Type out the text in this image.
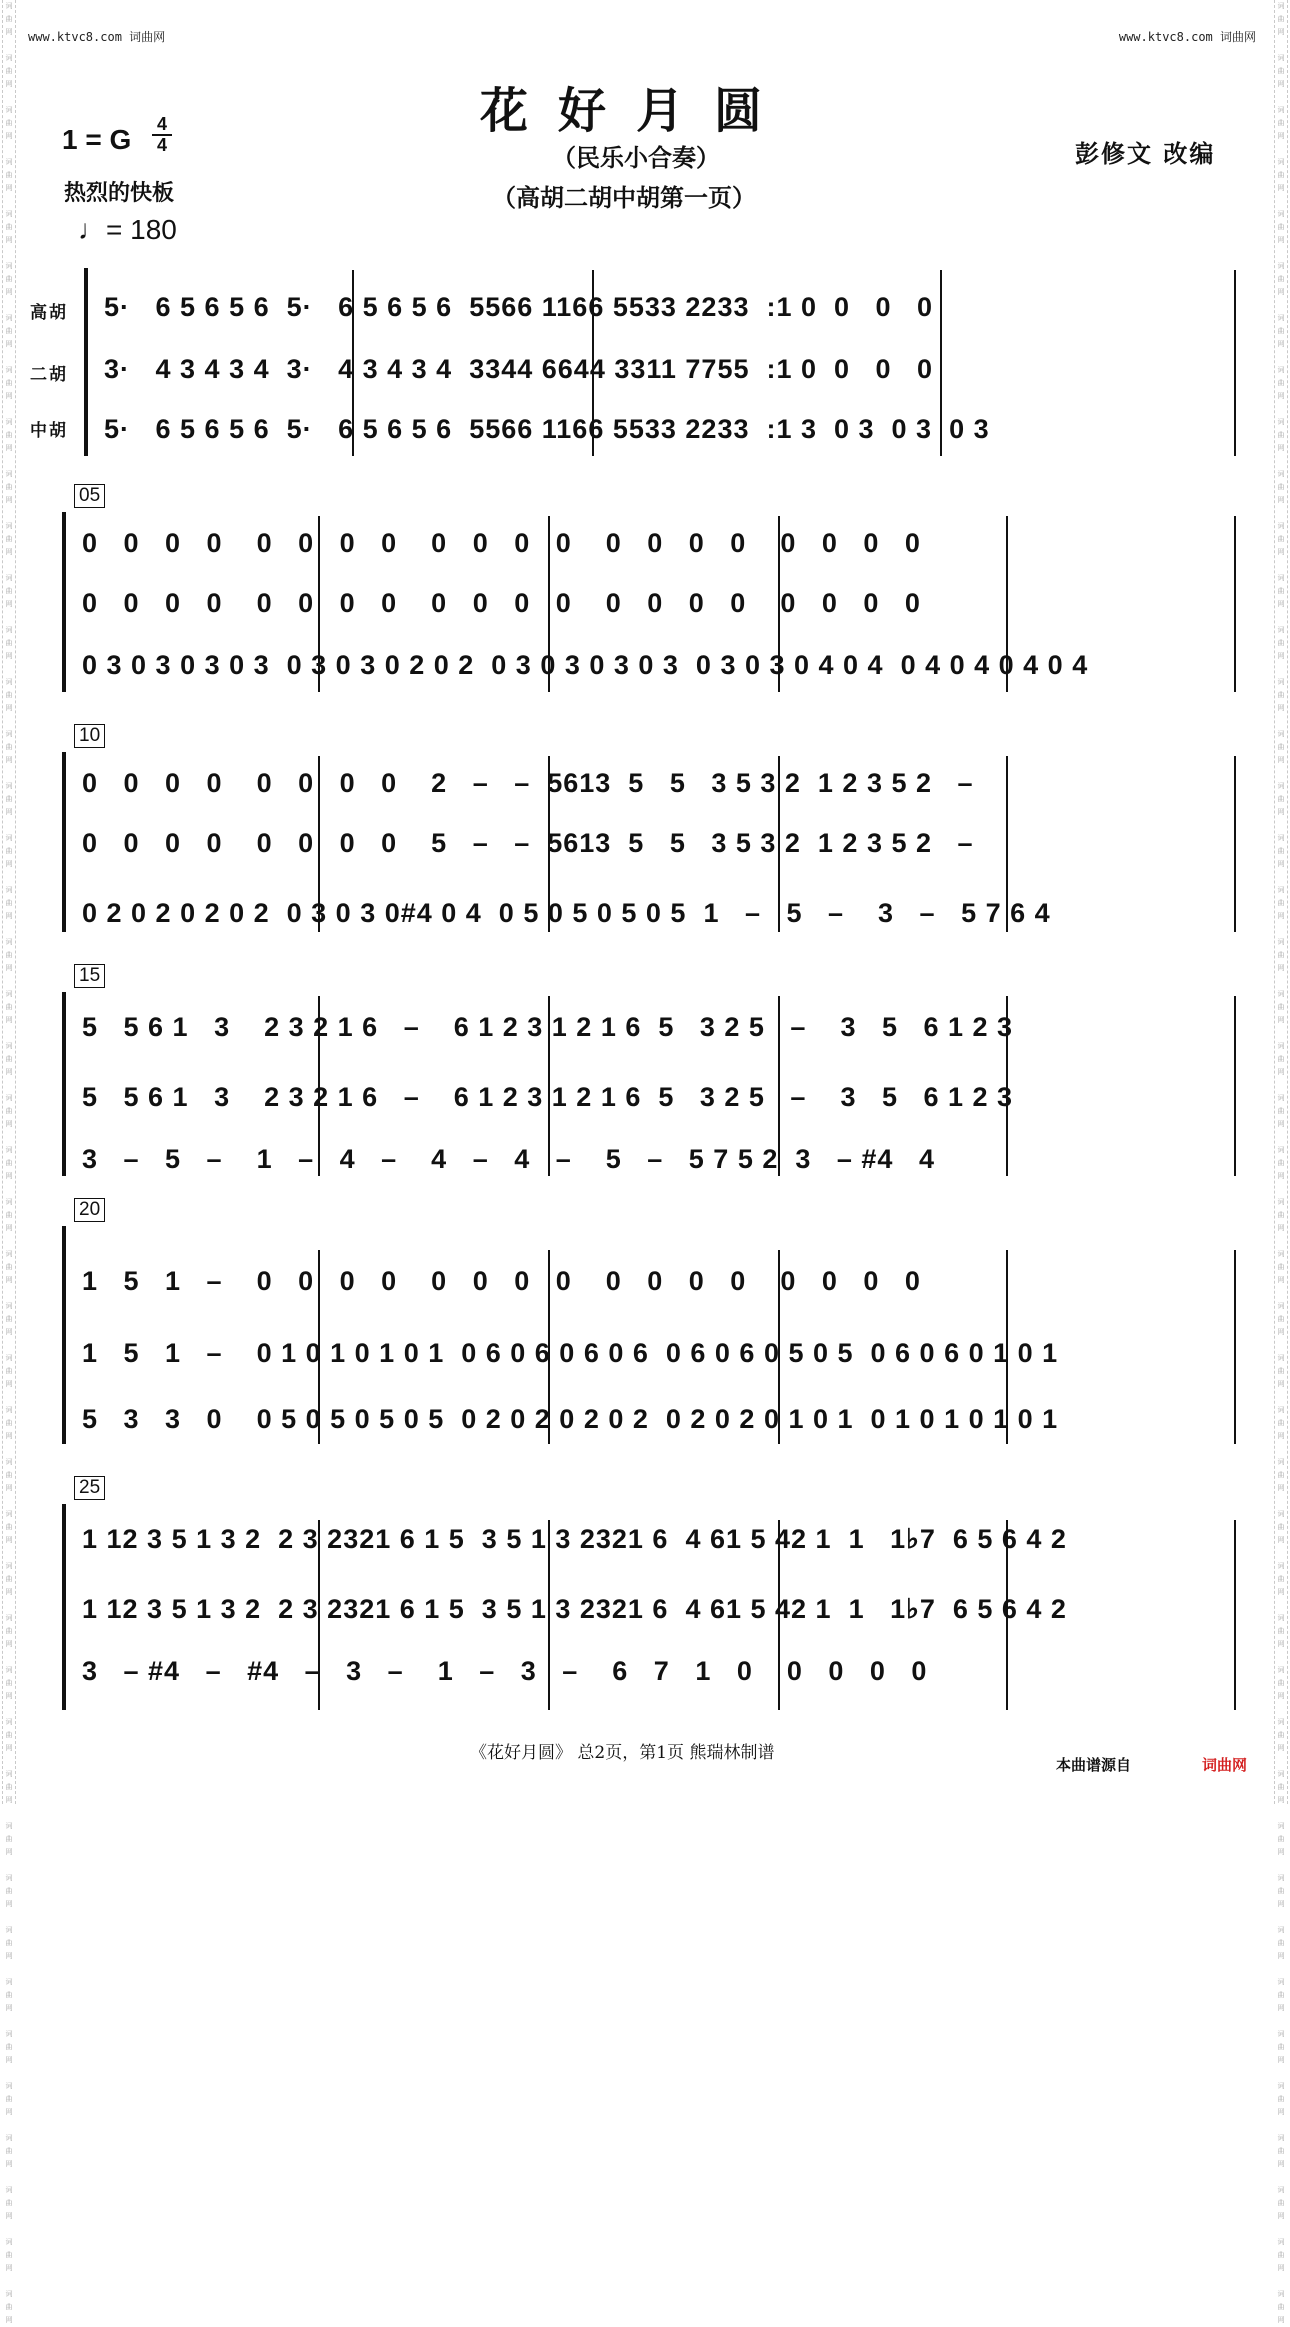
词
曲
网

词
曲
网

词
曲
网

词
曲
网

词
曲
网

词
曲
网

词
曲
网

词
曲
网

词
曲
网

词
曲
网

词
曲
网

词
曲
网

词
曲
网

词
曲
网

词
曲
网

词
曲
网

词
曲
网

词
曲
网

词
曲
网

词
曲
网

词
曲
网

词
曲
网

词
曲
网

词
曲
网

词
曲
网

词
曲
网

词
曲
网

词
曲
网

词
曲
网

词
曲
网

词
曲
网

词
曲
网

词
曲
网

词
曲
网

词
曲
网

词
曲
网

词
曲
网

词
曲
网

词
曲
网

词
曲
网

词
曲
网

词
曲
网

词
曲
网

词
曲
网

词
曲
网

词
曲
网

词
曲
网

词
曲
网

词
曲
网

词
曲
网

词
曲
网

词
曲
网

词
曲
网

词
曲
网

词
曲
网

词
曲
网

词
曲
网

词
曲
网

词
曲
网

词
曲
网

词
曲
网

词
曲
网

词
曲
网

词
曲
网

词
曲
网

词
曲
网

词
曲
网

词
曲
网

词
曲
网

词
曲
网

词
曲
网

词
曲
网

词
曲
网

词
曲
网

词
曲
网

词
曲
网

词
曲
网

词
曲
网

词
曲
网

词
曲
网

词
曲
网

词
曲
网

词
曲
网

词
曲
网

词
曲
网

词
曲
网

词
曲
网

词
曲
网

词
曲
网

词
曲
网

www.ktvc8.com 词曲网	www.ktvc8.com 词曲网
花好月圆
（民乐小合奏）
（高胡二胡中胡第一页）
1 = G $\frac{4}{4}$
热烈的快板
♩= 180
彭修文 改编
高胡
二胡
中胡
5·   6 5 6 5 6  5·   6 5 6 5 6  5566 1166 5533 2233  :1 0  0   0   0
3·   4 3 4 3 4  3·   4 3 4 3 4  3344 6644 3311 7755  :1 0  0   0   0
5·   6 5 6 5 6  5·   6 5 6 5 6  5566 1166 5533 2233  :1 3  0 3  0 3  0 3
05
0   0   0   0    0   0   0   0    0   0   0   0    0   0   0   0    0   0   0   0
0   0   0   0    0   0   0   0    0   0   0   0    0   0   0   0    0   0   0   0
0 3 0 3 0 3 0 3  0 3 0 3 0 2 0 2  0 3 0 3 0 3 0 3  0 3 0 3 0 4 0 4  0 4 0 4 0 4 0 4
10
0   0   0   0    0   0   0   0    2   –   –  5613  5   5   3 5 3 2  1 2 3 5 2   –
0   0   0   0    0   0   0   0    5   –   –  5613  5   5   3 5 3 2  1 2 3 5 2   –
0 2 0 2 0 2 0 2  0 3 0 3 0#4 0 4  0 5 0 5 0 5 0 5  1   –   5   –    3   –   5 7 6 4
15
5   5 6 1   3    2 3 2 1 6   –    6 1 2 3 1 2 1 6  5   3 2 5   –    3   5   6 1 2 3
5   5 6 1   3    2 3 2 1 6   –    6 1 2 3 1 2 1 6  5   3 2 5   –    3   5   6 1 2 3
3   –   5   –    1   –   4   –    4   –   4   –    5   –   5 7 5 2  3   – #4   4
20
1   5   1   –    0   0   0   0    0   0   0   0    0   0   0   0    0   0   0   0
1   5   1   –    0 1 0 1 0 1 0 1  0 6 0 6 0 6 0 6  0 6 0 6 0 5 0 5  0 6 0 6 0 1 0 1
5   3   3   0    0 5 0 5 0 5 0 5  0 2 0 2 0 2 0 2  0 2 0 2 0 1 0 1  0 1 0 1 0 1 0 1
25
1 12 3 5 1 3 2  2 3 2321 6 1 5  3 5 1 3 2321 6  4 61 5 42 1  1   1♭7  6 5 6 4 2
1 12 3 5 1 3 2  2 3 2321 6 1 5  3 5 1 3 2321 6  4 61 5 42 1  1   1♭7  6 5 6 4 2
3   – #4   –   #4   –   3   –    1   –   3   –    6   7   1   0    0   0   0   0
《花好月圆》 总2页，第1页 熊瑞林制谱
本曲谱源自	词曲网
